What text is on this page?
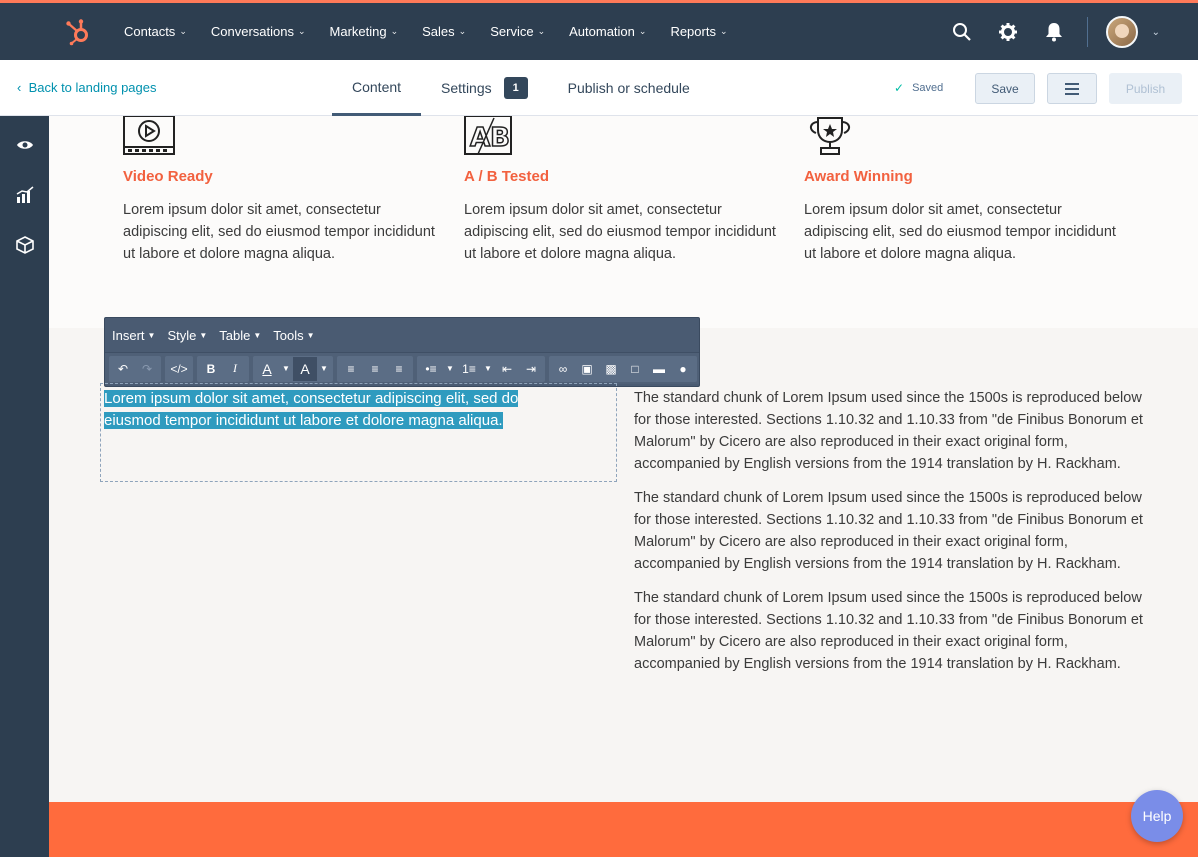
Contacts ⌄ Conversations ⌄ Marketing ⌄ Sales ⌄ Service ⌄ Automation ⌄ Reports ⌄	⌄
‹  Back to landing pages	Content	Settings	1	Publish or schedule	✓ Saved	Save	Publish
Video Ready
Lorem ipsum dolor sit amet, consectetur adipiscing elit, sed do eiusmod tempor incididunt ut labore et dolore magna aliqua.
AB
A / B Tested
Lorem ipsum dolor sit amet, consectetur adipiscing elit, sed do eiusmod tempor incididunt ut labore et dolore magna aliqua.
Award Winning
Lorem ipsum dolor sit amet, consectetur adipiscing elit, sed do eiusmod tempor incididunt ut labore et dolore magna aliqua.
Insert ▼ Style ▼ Table ▼ Tools ▼
↶	↷	</>	B	I	A	▼ A	▼	≡	≡	≡	•≡	▼ 1≡	▼ ⇤	⇥	∞	▣	▩	□	▬	●
Lorem ipsum dolor sit amet, consectetur adipiscing elit, sed do eiusmod tempor incididunt ut labore et dolore magna aliqua.

The standard chunk of Lorem Ipsum used since the 1500s is reproduced below for those interested. Sections 1.10.32 and 1.10.33 from "de Finibus Bonorum et Malorum" by Cicero are also reproduced in their exact original form, accompanied by English versions from the 1914 translation by H. Rackham.

The standard chunk of Lorem Ipsum used since the 1500s is reproduced below for those interested. Sections 1.10.32 and 1.10.33 from "de Finibus Bonorum et Malorum" by Cicero are also reproduced in their exact original form, accompanied by English versions from the 1914 translation by H. Rackham.

The standard chunk of Lorem Ipsum used since the 1500s is reproduced below for those interested. Sections 1.10.32 and 1.10.33 from "de Finibus Bonorum et Malorum" by Cicero are also reproduced in their exact original form, accompanied by English versions from the 1914 translation by H. Rackham.

Help
